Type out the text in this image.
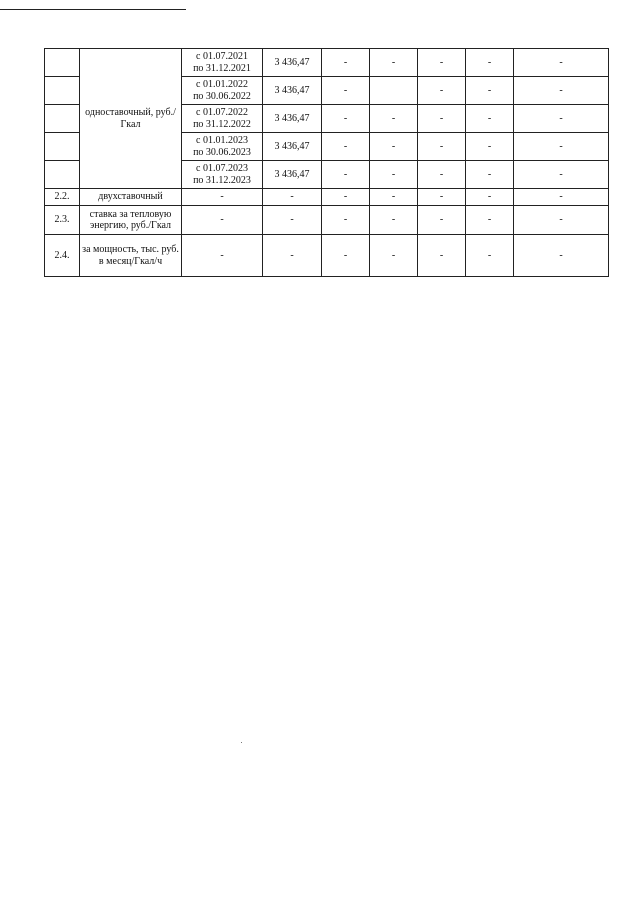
	одноставочный, руб./Гкал	с 01.07.2021
по 31.12.2021	3 436,47	-	-	-	-	-

		с 01.01.2022
по 30.06.2022	3 436,47	-		-	-	-

		с 01.07.2022
по 31.12.2022	3 436,47	-	-	-	-	-

		с 01.01.2023
по 30.06.2023	3 436,47	-	-	-	-	-

		с 01.07.2023
по 31.12.2023	3 436,47	-	-	-	-	-
2.2.	двухставочный	-	-	-	-	-	-	-
2.3.	ставка за тепловую энергию, руб./Гкал	-	-	-	-	-	-	-
2.4.	за мощность, тыс. руб. в месяц/Гкал/ч	-	-	-	-	-	-	-
